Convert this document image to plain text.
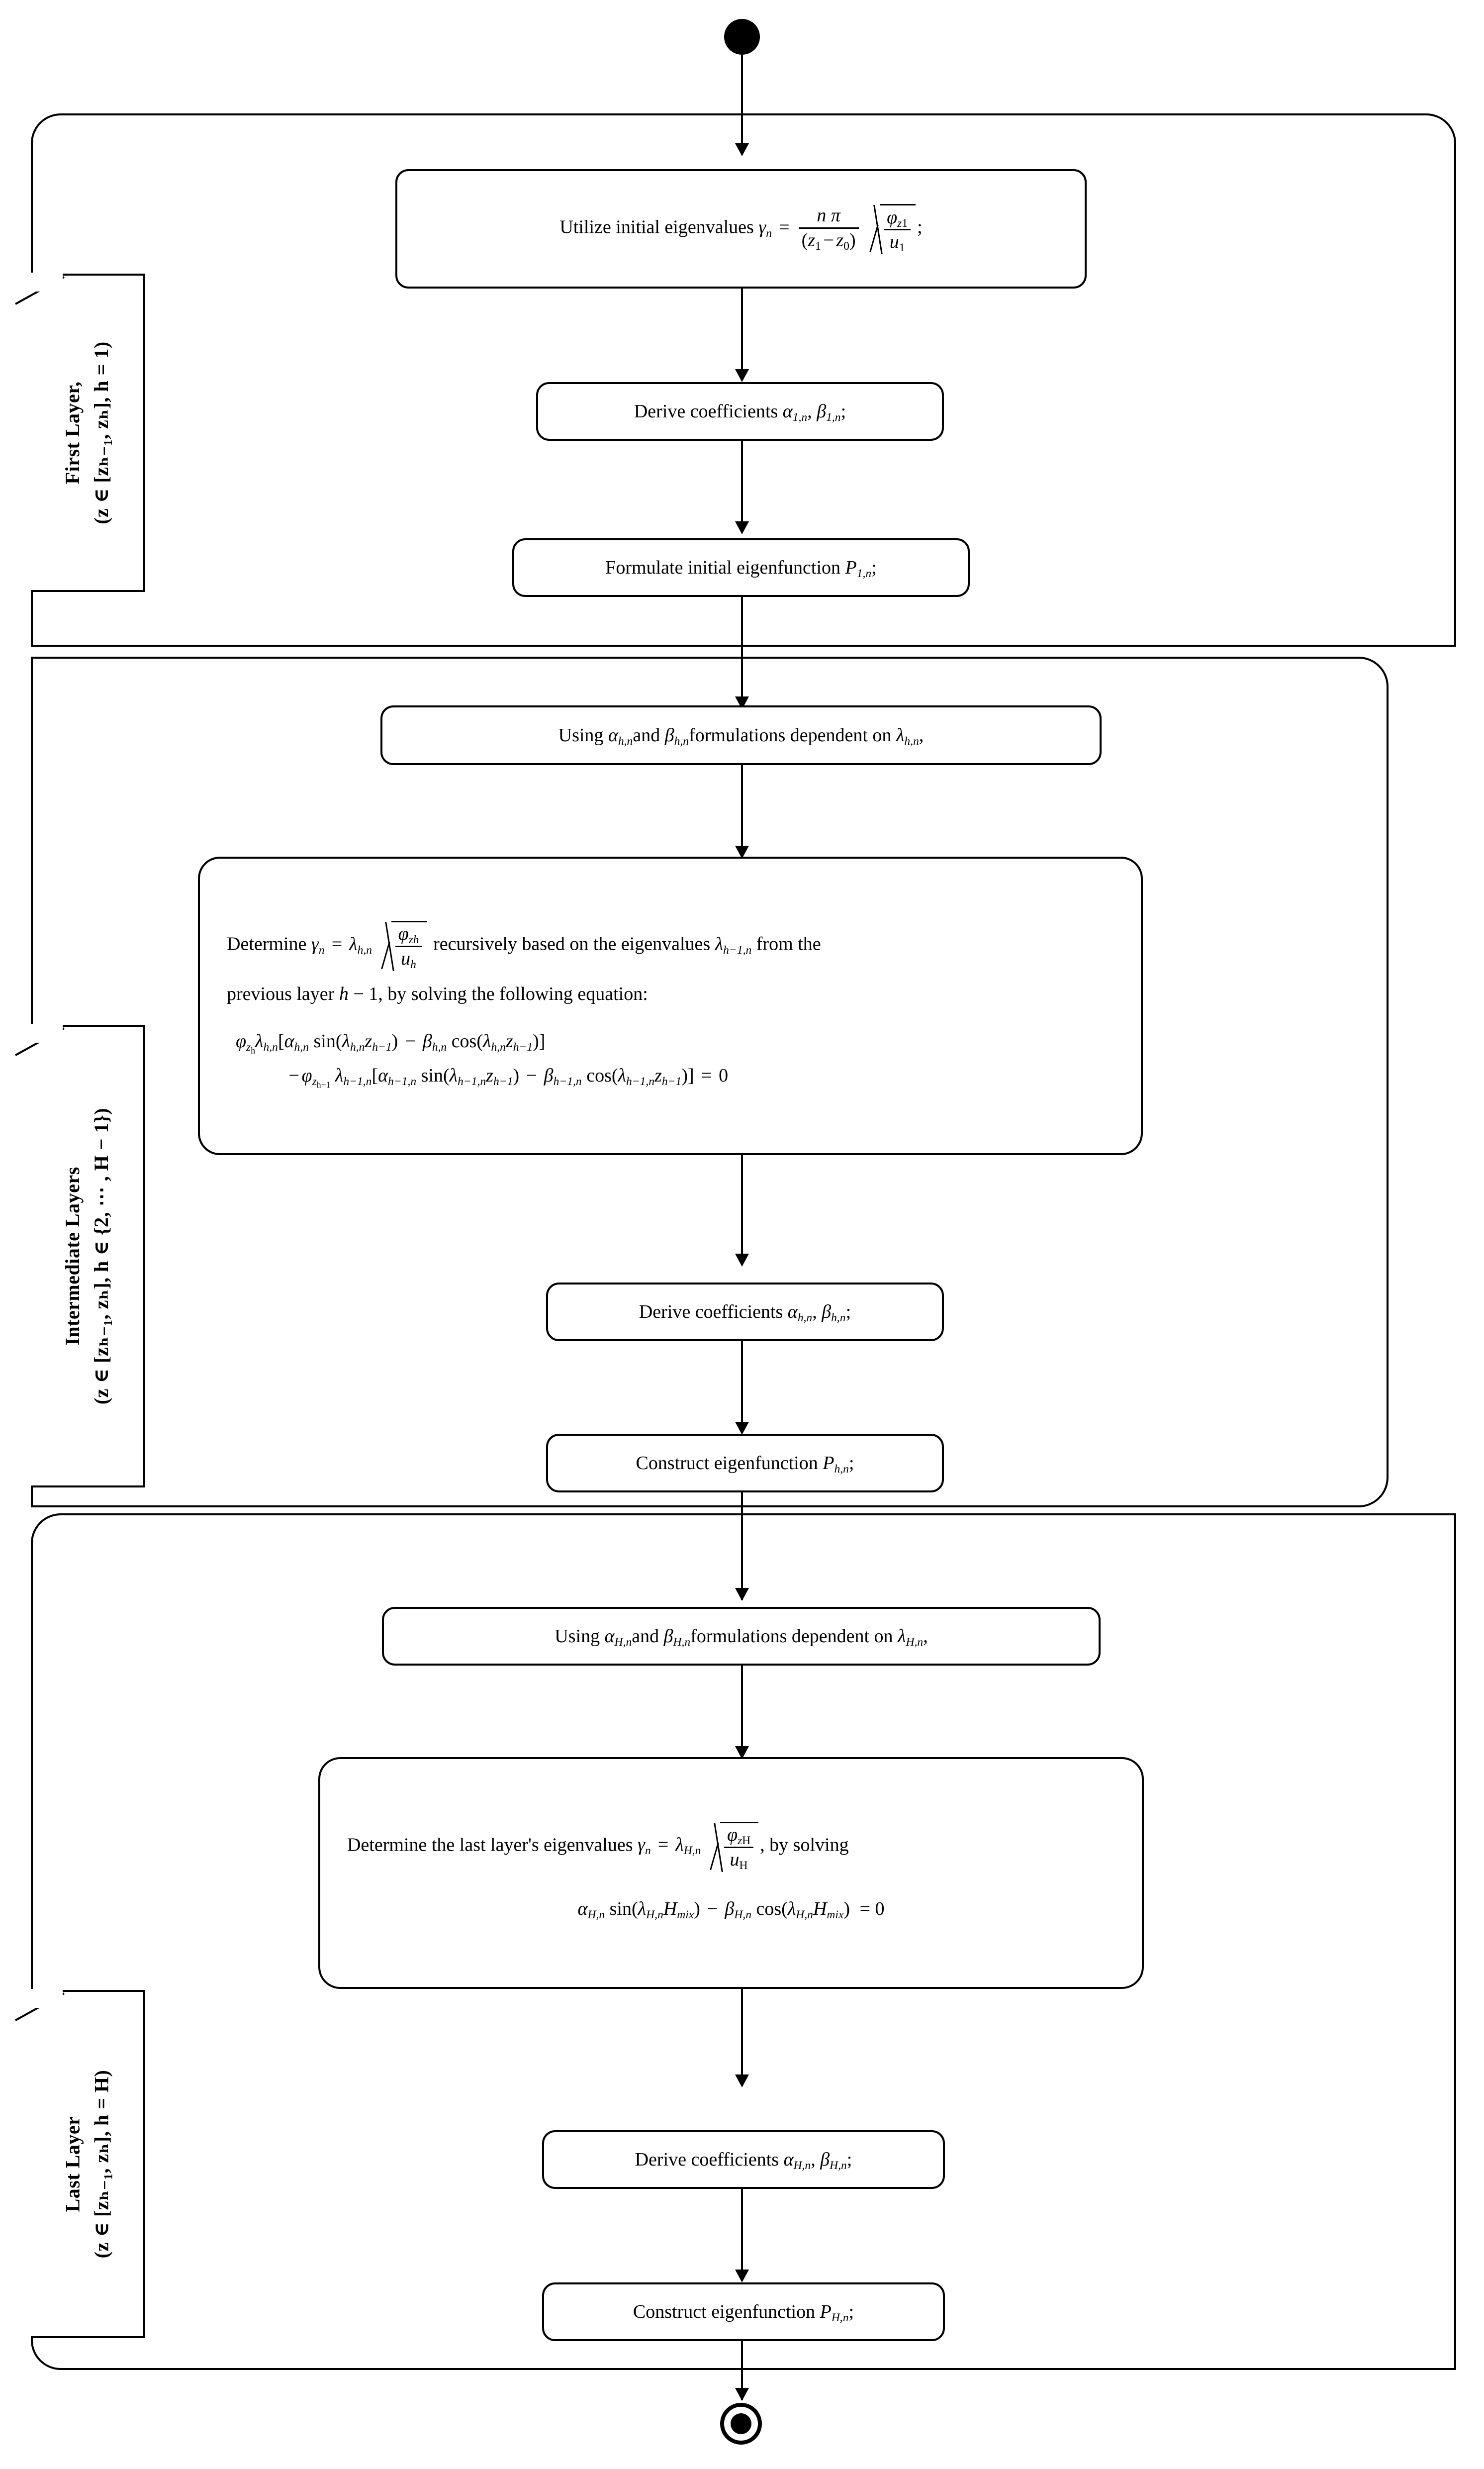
First Layer, (z ∈ [zₕ₋₁, zₕ], h = 1)
Utilize initial eigenvalues $\gamma_n = \frac{\text{n π}}{(z_1 - z_0)}$
$\frac{\varphi_{z1}}{u_1}$ ;
Derive coefficients $\alpha_{1,n}$, $\beta_{1,n}$;
Formulate initial eigenfunction $P_{1,n}$;
Intermediate Layers (z ∈ [zₕ₋₁, zₕ], h ∈ {2, ⋯ , H − 1})
Using $\alpha_{h,n}and$ $\beta_{h,n}formulations$ dependent on $\lambda_{h,n}$,
Determine $\gamma_n = \lambda_{h,n} \frac{\varphi_{zh}}{u_h}$ recursively based on the eigenvalues $\lambda_{h-1,n}$ from the
previous layer h − 1, by solving the following equation:
$\varphi_{z_h}\lambda_{h,n}[\alpha_{h,n}$ $\sin(\lambda_{h,n}z_{h-1}) - \beta_{h,n}$ $\cos(\lambda_{h,n}z_{h-1})$]
− $\varphi_{z_{h-1}}$ $\lambda_{h-1,n}[\alpha_{h-1,n}$ $\sin(\lambda_{h-1,n}z_{h-1}) - \beta_{h-1,n}$ $\cos(\lambda_{h-1,n}z_{h-1})] = 0$
Derive coefficients $\alpha_{h,n}$, $\beta_{h,n}$;
Construct eigenfunction $P_{h,n}$;
Last Layer (z ∈ [zₕ₋₁, zₕ], h = H)
Using $\alpha_{H,n}and$ $\beta_{H,n}formulations$ dependent on $\lambda_{H,n}$,
Determine the last layer's eigenvalues $\gamma_n = \lambda_{H,n} \frac{\varphi_{zH}}{u_H}$ , by solving
$\alpha_{H,n}$ $\sin(\lambda_{H,n}H_{mix}) - \beta_{H,n}$ $\cos(\lambda_{H,n}H_{mix}) = 0$
Derive coefficients $\alpha_{H,n}$, $\beta_{H,n}$;
Construct eigenfunction $P_{H,n}$;
